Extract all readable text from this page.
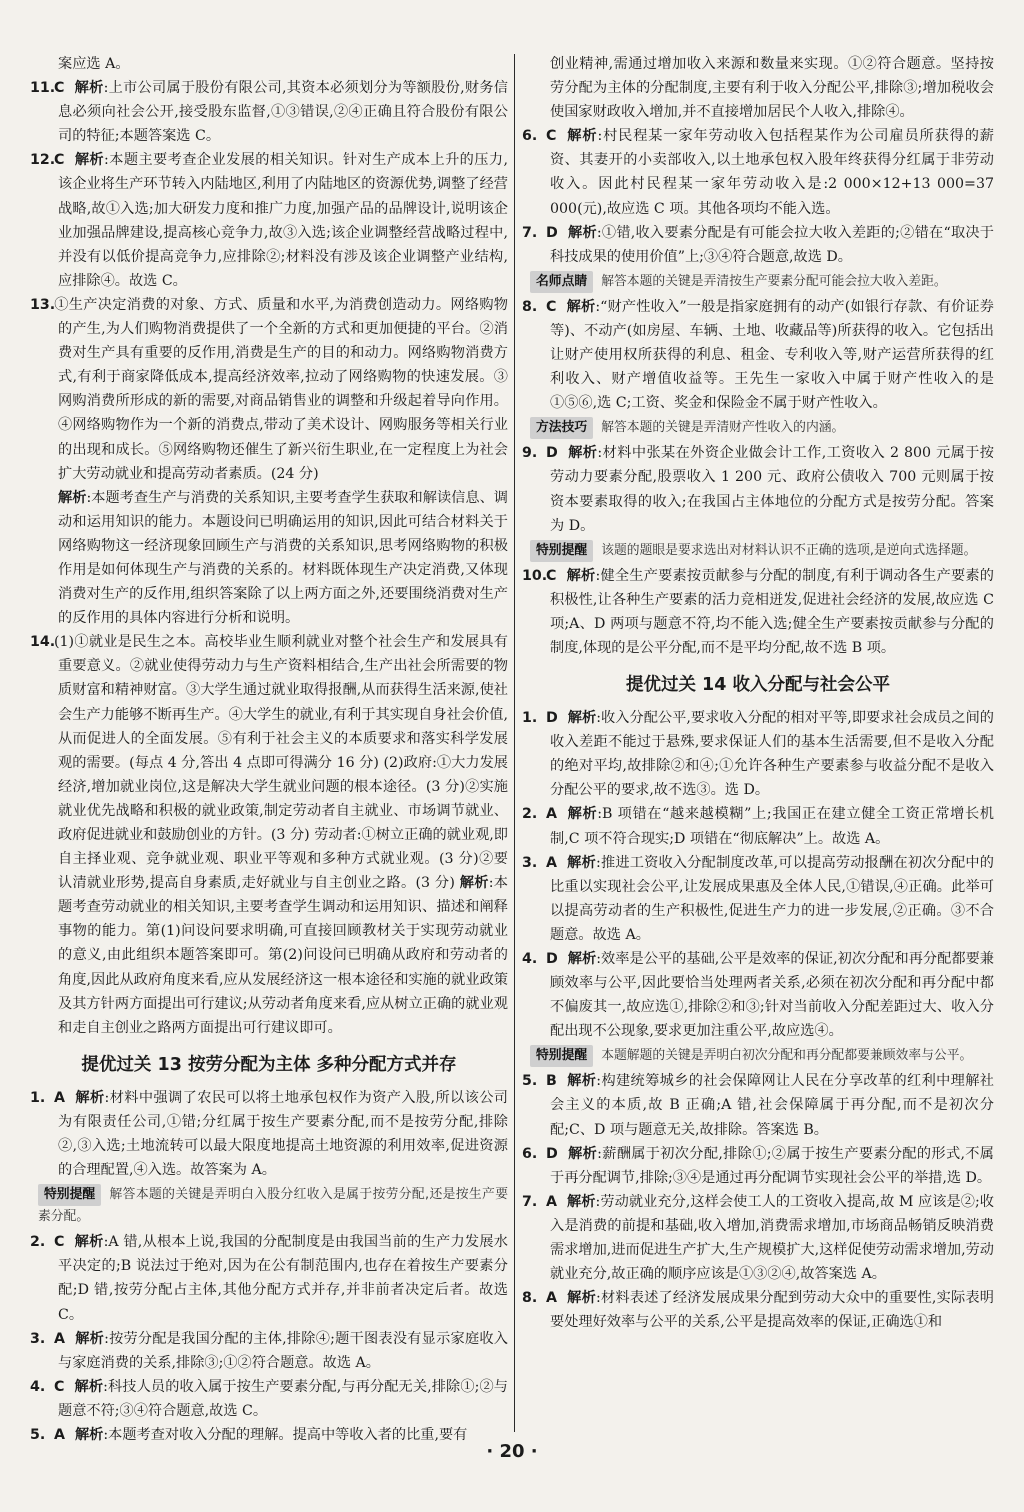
案应选 A。

11.C 解析:上市公司属于股份有限公司,其资本必须划分为等额股份,财务信息必须向社会公开,接受股东监督,①③错误,②④正确且符合股份有限公司的特征;本题答案选 C。

12.C 解析:本题主要考查企业发展的相关知识。针对生产成本上升的压力,该企业将生产环节转入内陆地区,利用了内陆地区的资源优势,调整了经营战略,故①入选;加大研发力度和推广力度,加强产品的品牌设计,说明该企业加强品牌建设,提高核心竞争力,故③入选;该企业调整经营战略过程中,并没有以低价提高竞争力,应排除②;材料没有涉及该企业调整产业结构,应排除④。故选 C。

13.①生产决定消费的对象、方式、质量和水平,为消费创造动力。网络购物的产生,为人们购物消费提供了一个全新的方式和更加便捷的平台。②消费对生产具有重要的反作用,消费是生产的目的和动力。网络购物消费方式,有利于商家降低成本,提高经济效率,拉动了网络购物的快速发展。③网购消费所形成的新的需要,对商品销售业的调整和升级起着导向作用。④网络购物作为一个新的消费点,带动了美术设计、网购服务等相关行业的出现和成长。⑤网络购物还催生了新兴衍生职业,在一定程度上为社会扩大劳动就业和提高劳动者素质。(24 分)

解析:本题考查生产与消费的关系知识,主要考查学生获取和解读信息、调动和运用知识的能力。本题设问已明确运用的知识,因此可结合材料关于网络购物这一经济现象回顾生产与消费的关系知识,思考网络购物的积极作用是如何体现生产与消费的关系的。材料既体现生产决定消费,又体现消费对生产的反作用,组织答案除了以上两方面之外,还要围绕消费对生产的反作用的具体内容进行分析和说明。

14.(1)①就业是民生之本。高校毕业生顺利就业对整个社会生产和发展具有重要意义。②就业使得劳动力与生产资料相结合,生产出社会所需要的物质财富和精神财富。③大学生通过就业取得报酬,从而获得生活来源,使社会生产力能够不断再生产。④大学生的就业,有利于其实现自身社会价值,从而促进人的全面发展。⑤有利于社会主义的本质要求和落实科学发展观的需要。(每点 4 分,答出 4 点即可得满分 16 分) (2)政府:①大力发展经济,增加就业岗位,这是解决大学生就业问题的根本途径。(3 分)②实施就业优先战略和积极的就业政策,制定劳动者自主就业、市场调节就业、政府促进就业和鼓励创业的方针。(3 分) 劳动者:①树立正确的就业观,即自主择业观、竞争就业观、职业平等观和多种方式就业观。(3 分)②要认清就业形势,提高自身素质,走好就业与自主创业之路。(3 分) 解析:本题考查劳动就业的相关知识,主要考查学生调动和运用知识、描述和阐释事物的能力。第(1)问设问要求明确,可直接回顾教材关于实现劳动就业的意义,由此组织本题答案即可。第(2)问设问已明确从政府和劳动者的角度,因此从政府角度来看,应从发展经济这一根本途径和实施的就业政策及其方针两方面提出可行建议;从劳动者角度来看,应从树立正确的就业观和走自主创业之路两方面提出可行建议即可。

提优过关 13 按劳分配为主体 多种分配方式并存

1. A 解析:材料中强调了农民可以将土地承包权作为资产入股,所以该公司为有限责任公司,①错;分红属于按生产要素分配,而不是按劳分配,排除②,③入选;土地流转可以最大限度地提高土地资源的利用效率,促进资源的合理配置,④入选。故答案为 A。

特别提醒 解答本题的关键是弄明白入股分红收入是属于按劳分配,还是按生产要素分配。

2. C 解析:A 错,从根本上说,我国的分配制度是由我国当前的生产力发展水平决定的;B 说法过于绝对,因为在公有制范围内,也存在着按生产要素分配;D 错,按劳分配占主体,其他分配方式并存,并非前者决定后者。故选 C。

3. A 解析:按劳分配是我国分配的主体,排除④;题干图表没有显示家庭收入与家庭消费的关系,排除③;①②符合题意。故选 A。

4. C 解析:科技人员的收入属于按生产要素分配,与再分配无关,排除①;②与题意不符;③④符合题意,故选 C。

5. A 解析:本题考查对收入分配的理解。提高中等收入者的比重,要有

创业精神,需通过增加收入来源和数量来实现。①②符合题意。坚持按劳分配为主体的分配制度,主要有利于收入分配公平,排除③;增加税收会使国家财政收入增加,并不直接增加居民个人收入,排除④。

6. C 解析:村民程某一家年劳动收入包括程某作为公司雇员所获得的薪资、其妻开的小卖部收入,以土地承包权入股年终获得分红属于非劳动收入。因此村民程某一家年劳动收入是:2 000×12+13 000=37 000(元),故应选 C 项。其他各项均不能入选。

7. D 解析:①错,收入要素分配是有可能会拉大收入差距的;②错在“取决于科技成果的使用价值”上;③④符合题意,故选 D。

名师点睛 解答本题的关键是弄清按生产要素分配可能会拉大收入差距。

8. C 解析:“财产性收入”一般是指家庭拥有的动产(如银行存款、有价证券等)、不动产(如房屋、车辆、土地、收藏品等)所获得的收入。它包括出让财产使用权所获得的利息、租金、专利收入等,财产运营所获得的红利收入、财产增值收益等。王先生一家收入中属于财产性收入的是①⑤⑥,选 C;工资、奖金和保险金不属于财产性收入。

方法技巧 解答本题的关键是弄清财产性收入的内涵。

9. D 解析:材料中张某在外资企业做会计工作,工资收入 2 800 元属于按劳动力要素分配,股票收入 1 200 元、政府公债收入 700 元则属于按资本要素取得的收入;在我国占主体地位的分配方式是按劳分配。答案为 D。

特别提醒 该题的题眼是要求选出对材料认识不正确的选项,是逆向式选择题。

10.C 解析:健全生产要素按贡献参与分配的制度,有利于调动各生产要素的积极性,让各种生产要素的活力竞相迸发,促进社会经济的发展,故应选 C 项;A、D 两项与题意不符,均不能入选;健全生产要素按贡献参与分配的制度,体现的是公平分配,而不是平均分配,故不选 B 项。

提优过关 14 收入分配与社会公平

1. D 解析:收入分配公平,要求收入分配的相对平等,即要求社会成员之间的收入差距不能过于悬殊,要求保证人们的基本生活需要,但不是收入分配的绝对平均,故排除②和④;①允许各种生产要素参与收益分配不是收入分配公平的要求,故不选③。选 D。

2. A 解析:B 项错在“越来越模糊”上;我国正在建立健全工资正常增长机制,C 项不符合现实;D 项错在“彻底解决”上。故选 A。

3. A 解析:推进工资收入分配制度改革,可以提高劳动报酬在初次分配中的比重以实现社会公平,让发展成果惠及全体人民,①错误,④正确。此举可以提高劳动者的生产积极性,促进生产力的进一步发展,②正确。③不合题意。故选 A。

4. D 解析:效率是公平的基础,公平是效率的保证,初次分配和再分配都要兼顾效率与公平,因此要恰当处理两者关系,必须在初次分配和再分配中都不偏废其一,故应选①,排除②和③;针对当前收入分配差距过大、收入分配出现不公现象,要求更加注重公平,故应选④。

特别提醒 本题解题的关键是弄明白初次分配和再分配都要兼顾效率与公平。

5. B 解析:构建统筹城乡的社会保障网让人民在分享改革的红利中理解社会主义的本质,故 B 正确;A 错,社会保障属于再分配,而不是初次分配;C、D 项与题意无关,故排除。答案选 B。

6. D 解析:薪酬属于初次分配,排除①;②属于按生产要素分配的形式,不属于再分配调节,排除;③④是通过再分配调节实现社会公平的举措,选 D。

7. A 解析:劳动就业充分,这样会使工人的工资收入提高,故 M 应该是②;收入是消费的前提和基础,收入增加,消费需求增加,市场商品畅销反映消费需求增加,进而促进生产扩大,生产规模扩大,这样促使劳动需求增加,劳动就业充分,故正确的顺序应该是①③②④,故答案选 A。

8. A 解析:材料表述了经济发展成果分配到劳动大众中的重要性,实际表明要处理好效率与公平的关系,公平是提高效率的保证,正确选①和

· 20 ·
